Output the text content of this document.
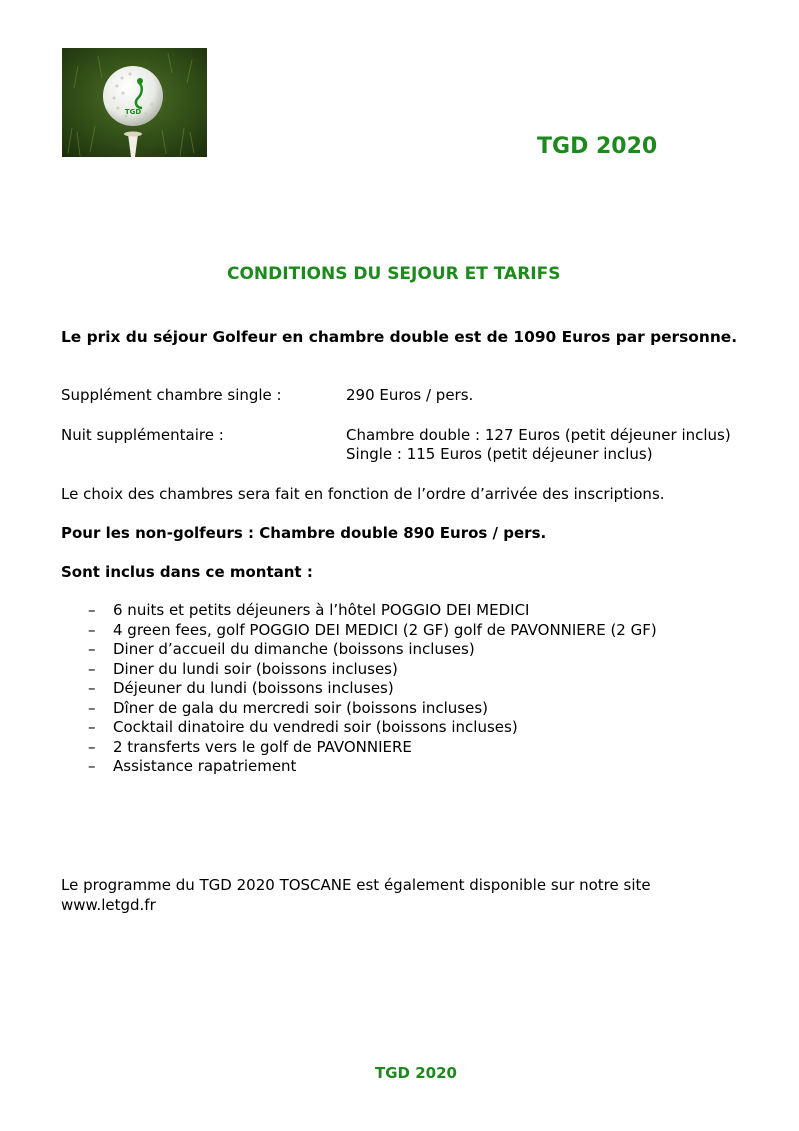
TGD
TGD 2020
CONDITIONS DU SEJOUR ET TARIFS
Le prix du séjour Golfeur en chambre double est de 1090 Euros par personne.
Supplément chambre single :	290 Euros / pers.
Nuit supplémentaire :	Chambre double : 127 Euros (petit déjeuner inclus)
Single : 115 Euros (petit déjeuner inclus)
Le choix des chambres sera fait en fonction de l’ordre d’arrivée des inscriptions.
Pour les non-golfeurs : Chambre double 890 Euros / pers.
Sont inclus dans ce montant :
– 6 nuits et petits déjeuners à l’hôtel POGGIO DEI MEDICI
– 4 green fees, golf POGGIO DEI MEDICI (2 GF) golf de PAVONNIERE (2 GF)
– Diner d’accueil du dimanche (boissons incluses)
– Diner du lundi soir (boissons incluses)
– Déjeuner du lundi (boissons incluses)
– Dîner de gala du mercredi soir (boissons incluses)
– Cocktail dinatoire du vendredi soir (boissons incluses)
– 2 transferts vers le golf de PAVONNIERE
– Assistance rapatriement
Le programme du TGD 2020 TOSCANE est également disponible sur notre site
www.letgd.fr
TGD 2020
